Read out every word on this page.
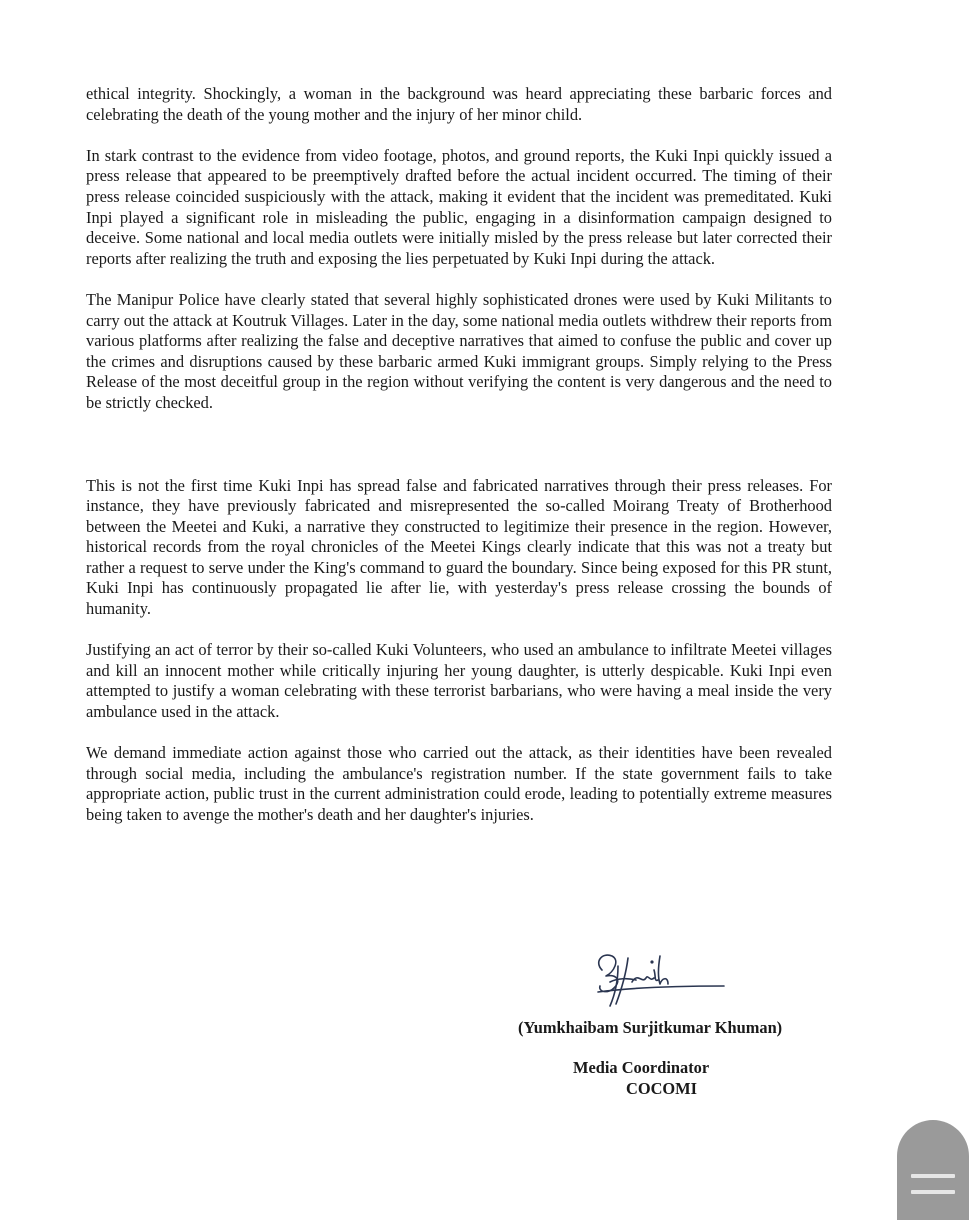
ethical integrity. Shockingly, a woman in the background was heard appreciating these barbaric forces and celebrating the death of the young mother and the injury of her minor child.

In stark contrast to the evidence from video footage, photos, and ground reports, the Kuki Inpi quickly issued a press release that appeared to be preemptively drafted before the actual incident occurred. The timing of their press release coincided suspiciously with the attack, making it evident that the incident was premeditated. Kuki Inpi played a significant role in misleading the public, engaging in a disinformation campaign designed to deceive. Some national and local media outlets were initially misled by the press release but later corrected their reports after realizing the truth and exposing the lies perpetuated by Kuki Inpi during the attack.

The Manipur Police have clearly stated that several highly sophisticated drones were used by Kuki Militants to carry out the attack at Koutruk Villages. Later in the day, some national media outlets withdrew their reports from various platforms after realizing the false and deceptive narratives that aimed to confuse the public and cover up the crimes and disruptions caused by these barbaric armed Kuki immigrant groups. Simply relying to the Press Release of the most deceitful group in the region without verifying the content is very dangerous and the need to be strictly checked.

This is not the first time Kuki Inpi has spread false and fabricated narratives through their press releases. For instance, they have previously fabricated and misrepresented the so-called Moirang Treaty of Brotherhood between the Meetei and Kuki, a narrative they constructed to legitimize their presence in the region. However, historical records from the royal chronicles of the Meetei Kings clearly indicate that this was not a treaty but rather a request to serve under the King's command to guard the boundary. Since being exposed for this PR stunt, Kuki Inpi has continuously propagated lie after lie, with yesterday's press release crossing the bounds of humanity.

Justifying an act of terror by their so-called Kuki Volunteers, who used an ambulance to infiltrate Meetei villages and kill an innocent mother while critically injuring her young daughter, is utterly despicable. Kuki Inpi even attempted to justify a woman celebrating with these terrorist barbarians, who were having a meal inside the very ambulance used in the attack.

We demand immediate action against those who carried out the attack, as their identities have been revealed through social media, including the ambulance's registration number. If the state government fails to take appropriate action, public trust in the current administration could erode, leading to potentially extreme measures being taken to avenge the mother's death and her daughter's injuries.

(Yumkhaibam Surjitkumar Khuman)
Media Coordinator
COCOMI
